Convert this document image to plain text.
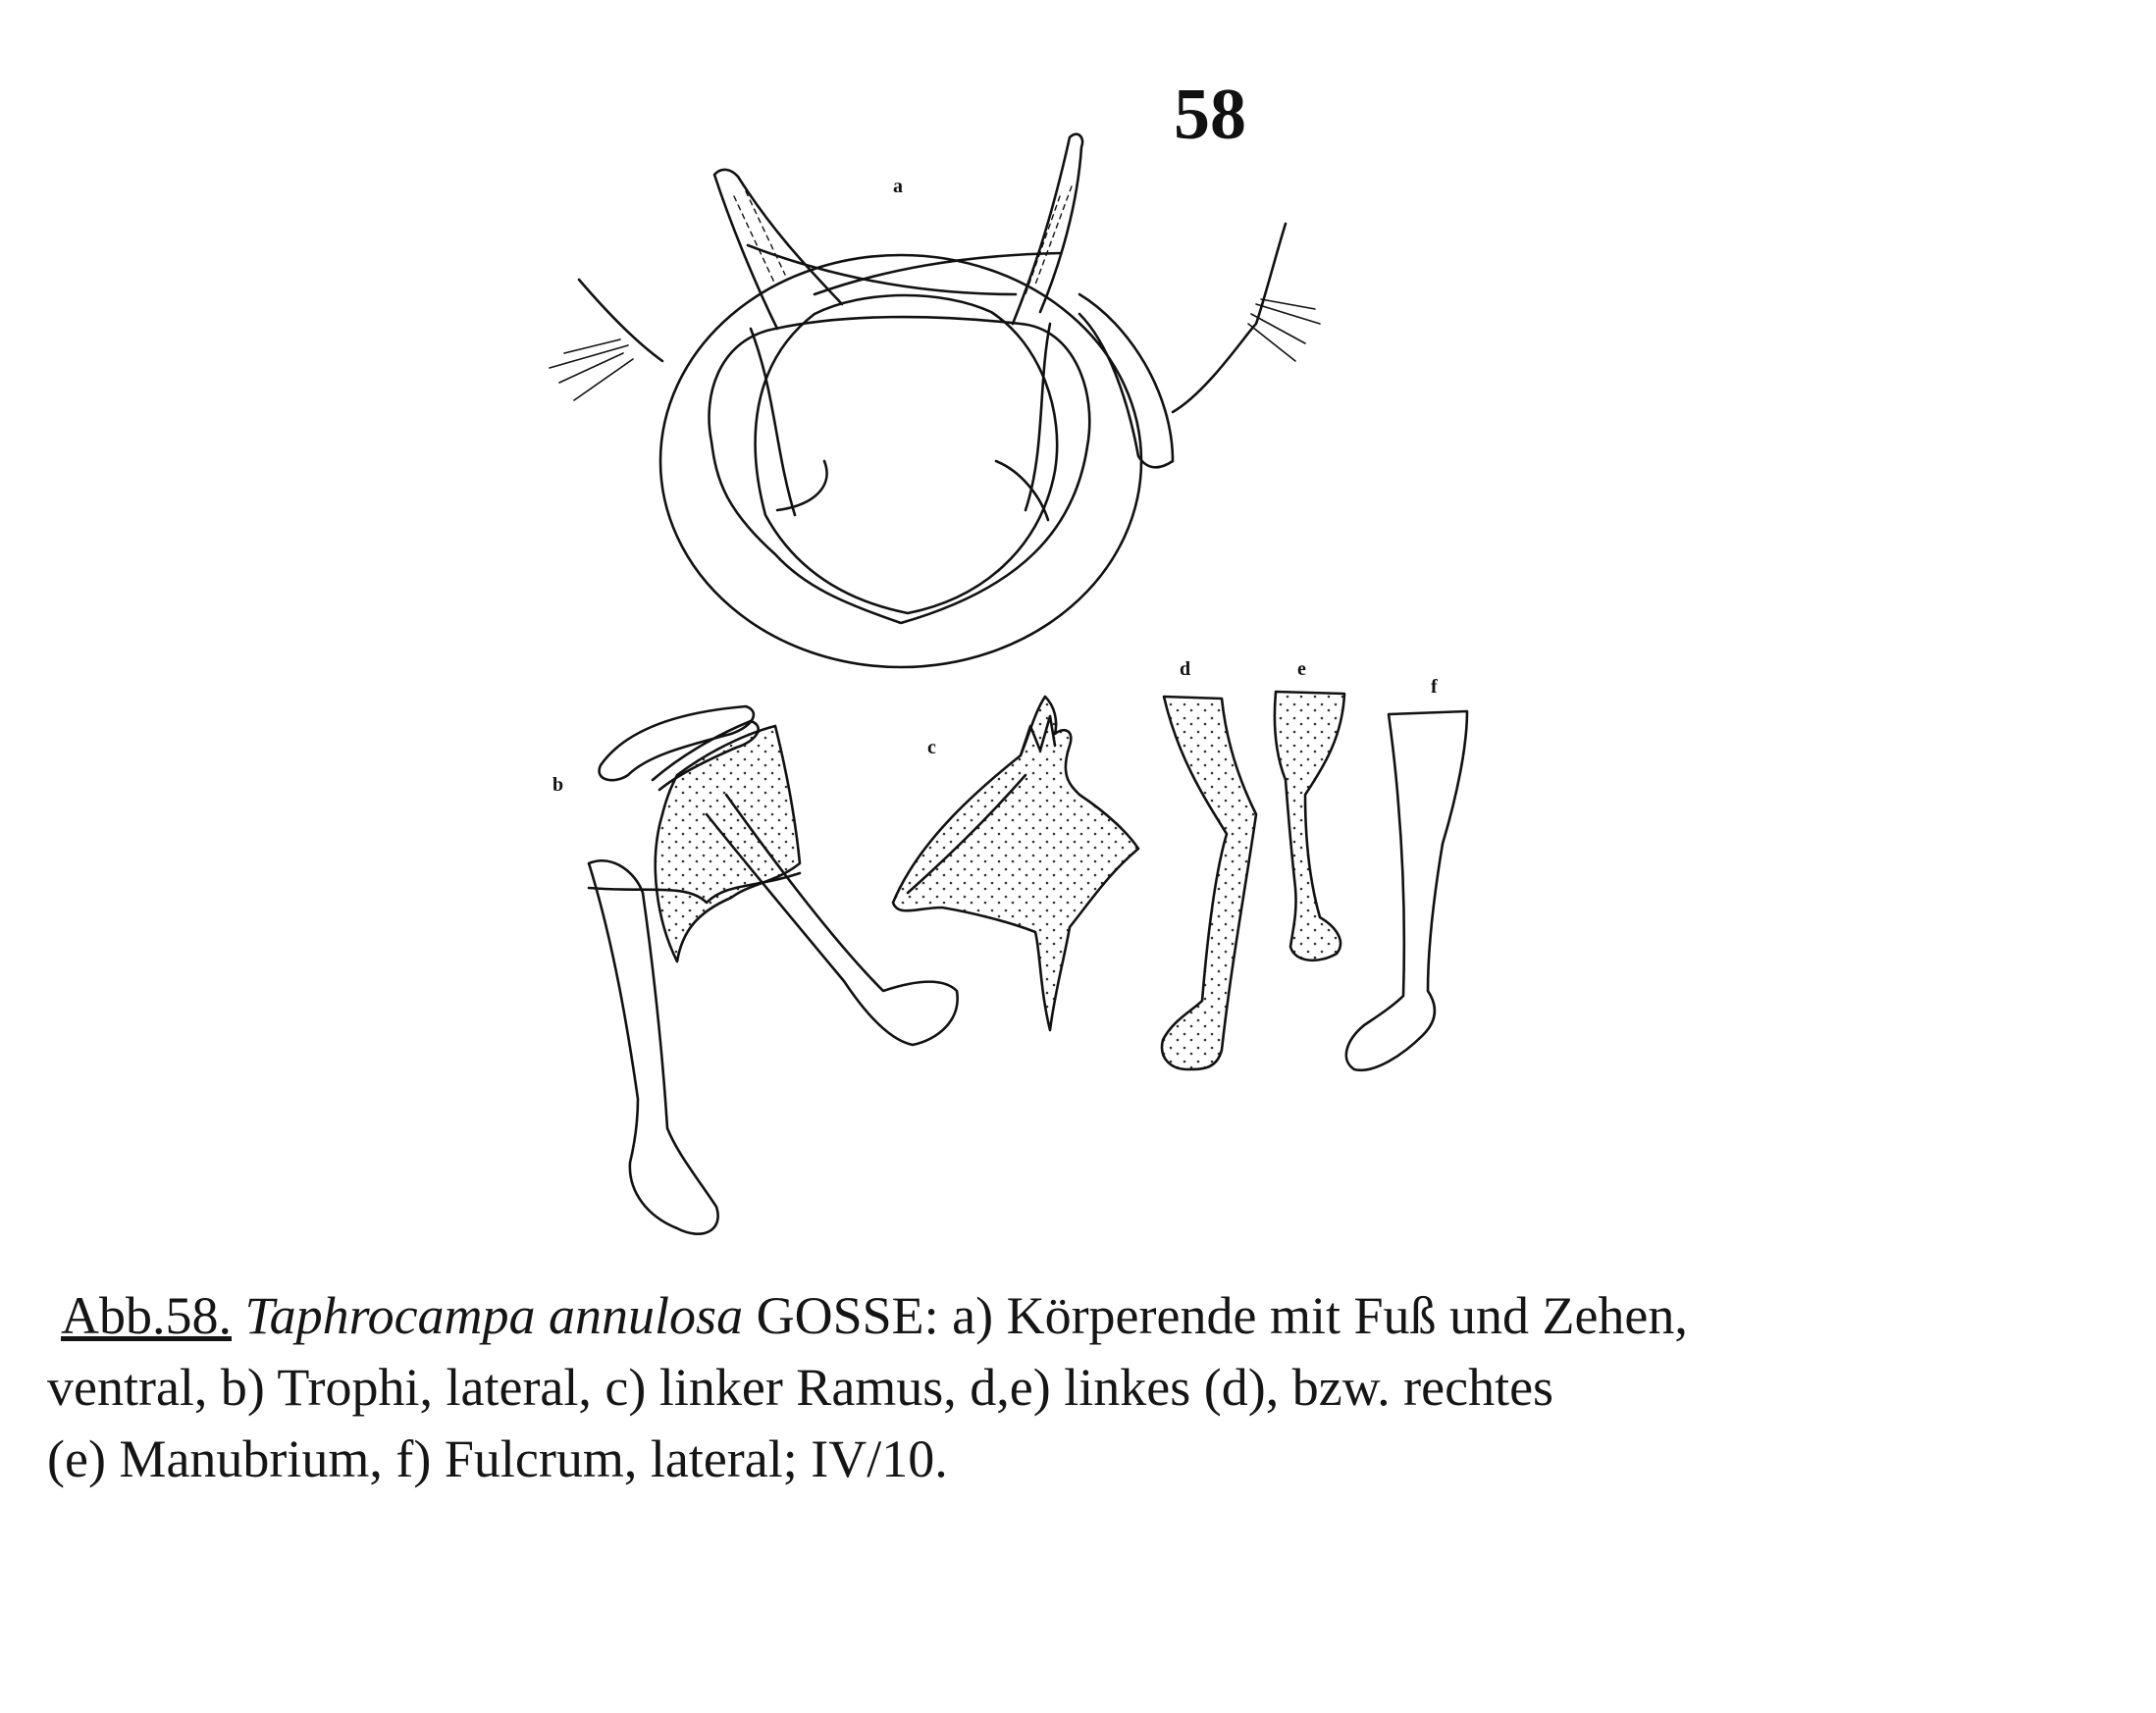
58
a
b
c
d	e
f
Abb.58. Taphrocampa annulosa GOSSE: a) Körperende mit Fuß und Zehen,
ventral, b) Trophi, lateral, c) linker Ramus, d,e) linkes (d), bzw. rechtes
(e) Manubrium, f) Fulcrum, lateral; IV/10.
